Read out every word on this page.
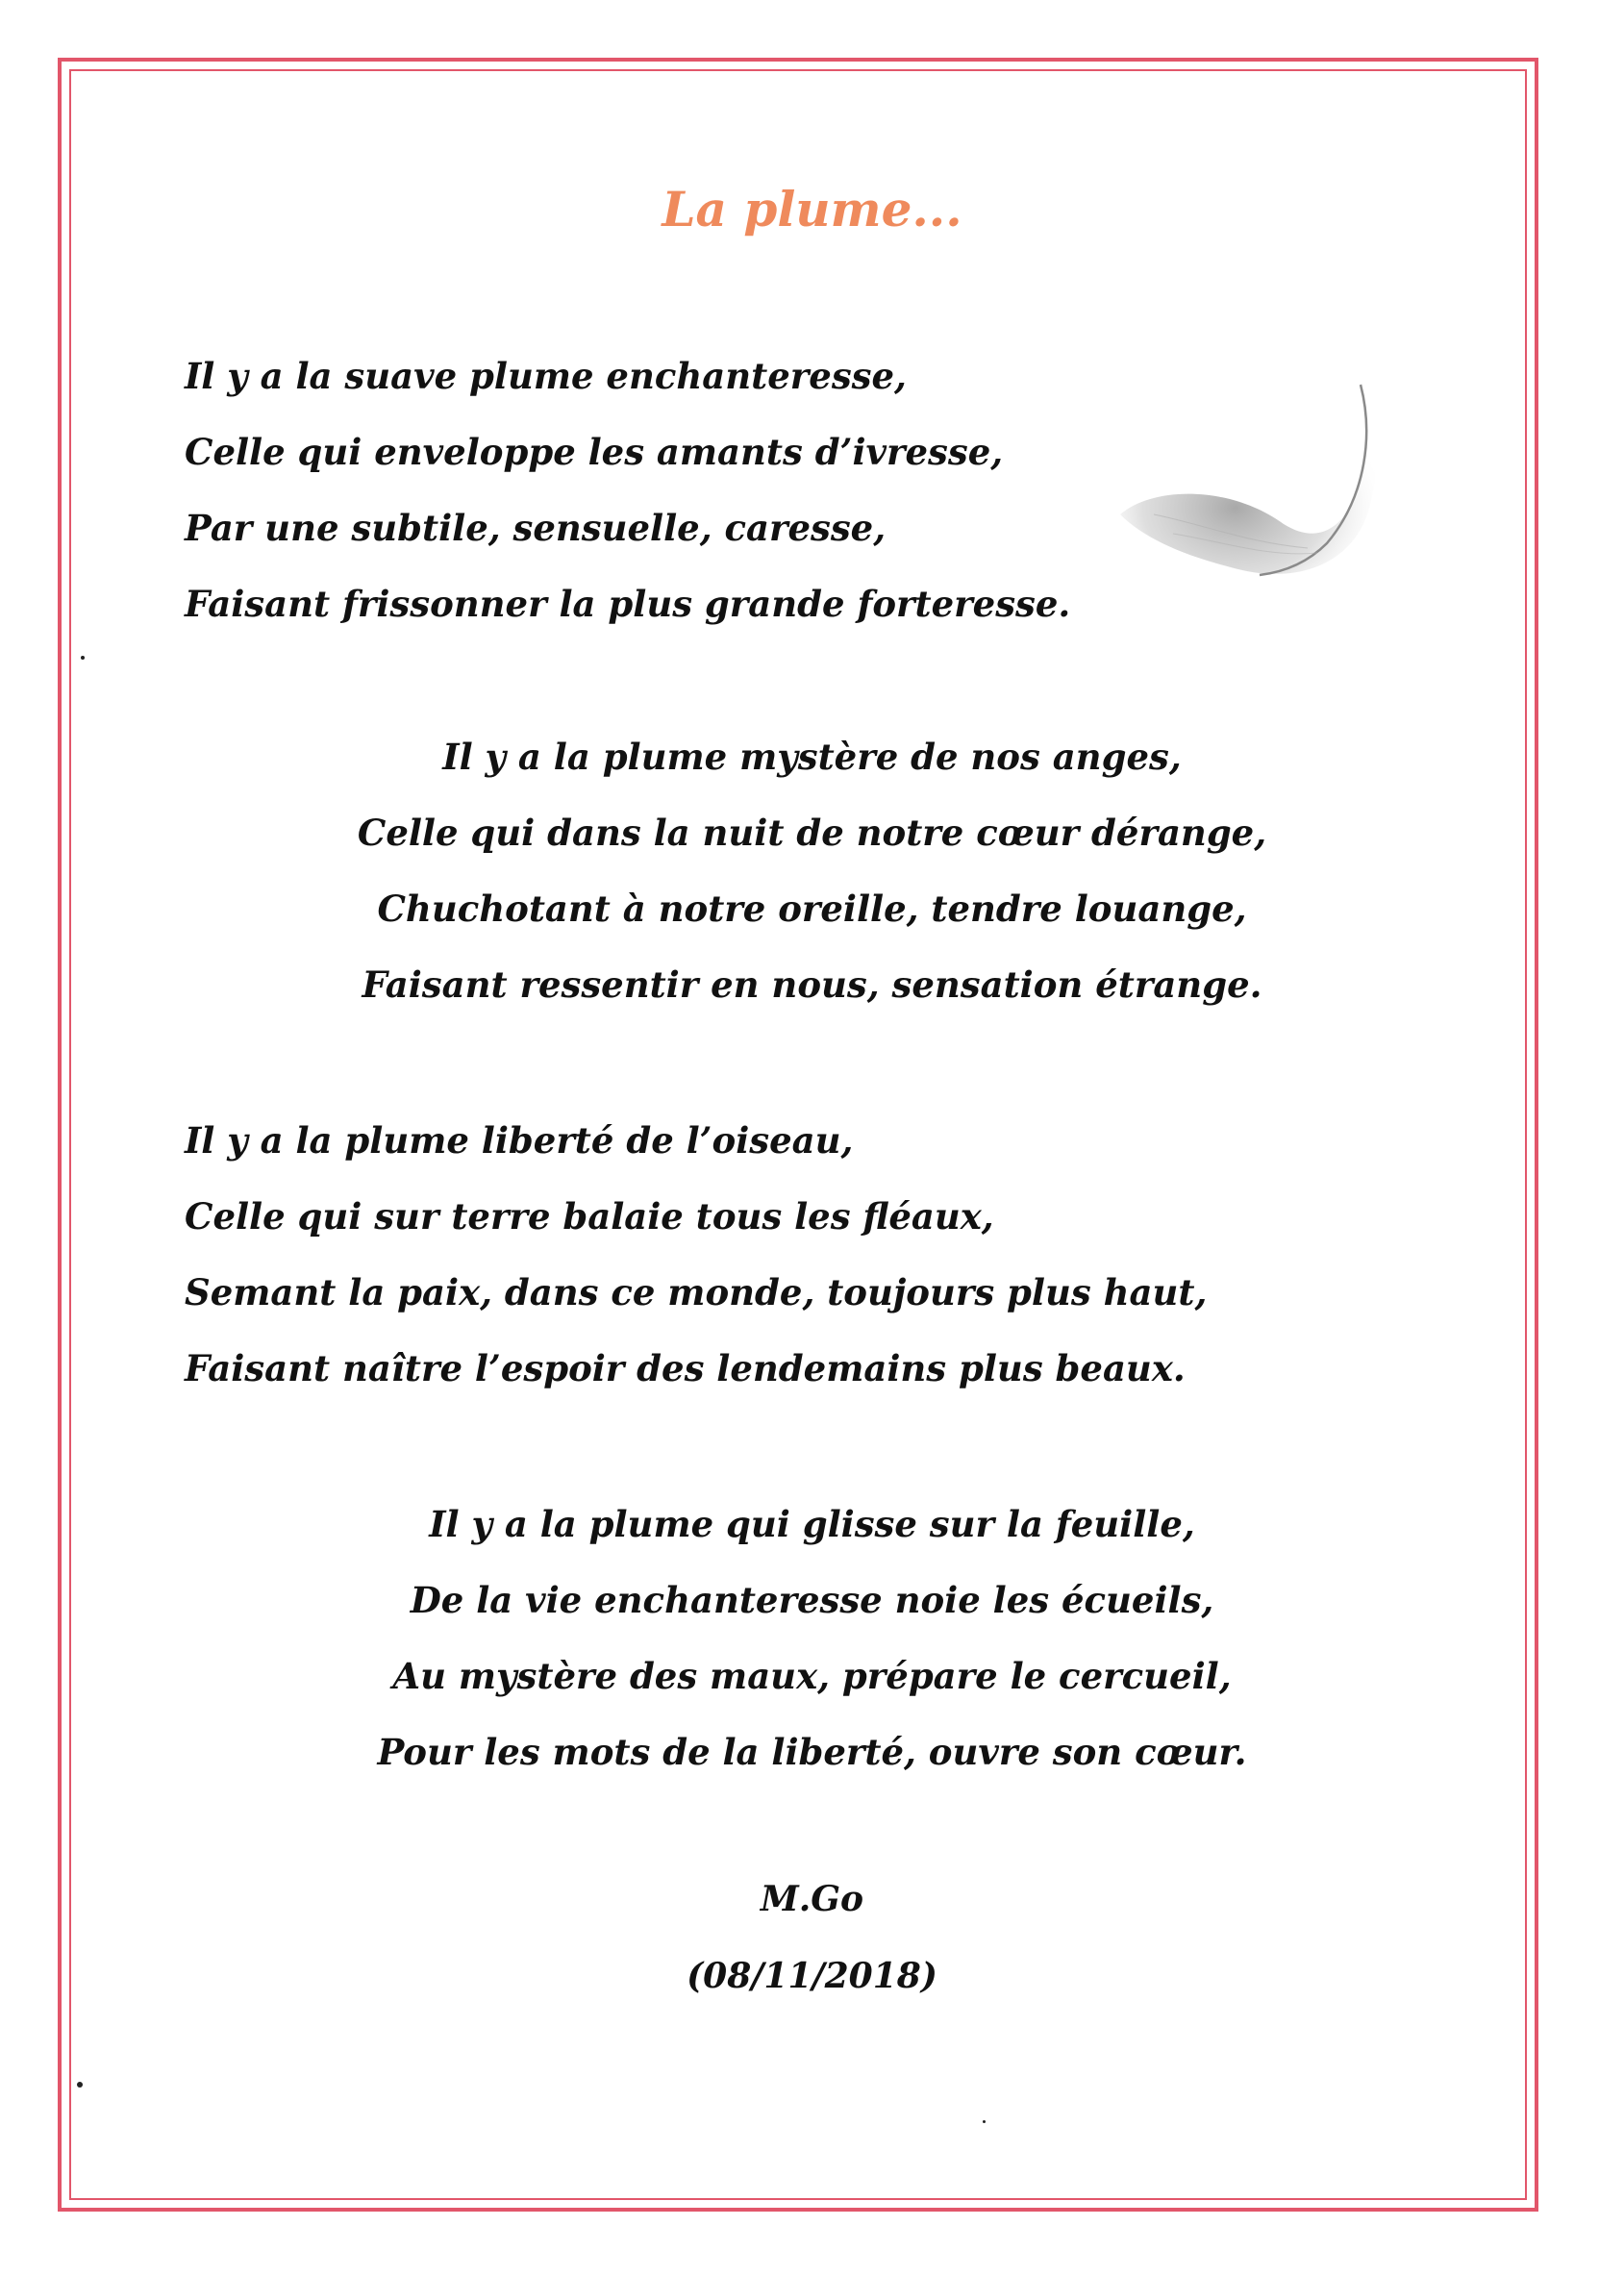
La plume...
Il y a la suave plume enchanteresse,
Celle qui enveloppe les amants d’ivresse,
Par une subtile, sensuelle, caresse,
Faisant frissonner la plus grande forteresse.
Il y a la plume mystère de nos anges,
Celle qui dans la nuit de notre cœur dérange,
Chuchotant à notre oreille, tendre louange,
Faisant ressentir en nous, sensation étrange.
Il y a la plume liberté de l’oiseau,
Celle qui sur terre balaie tous les fléaux,
Semant la paix, dans ce monde, toujours plus haut,
Faisant naître l’espoir des lendemains plus beaux.
Il y a la plume qui glisse sur la feuille,
De la vie enchanteresse noie les écueils,
Au mystère des maux, prépare le cercueil,
Pour les mots de la liberté, ouvre son cœur.
M.Go
(08/11/2018)
